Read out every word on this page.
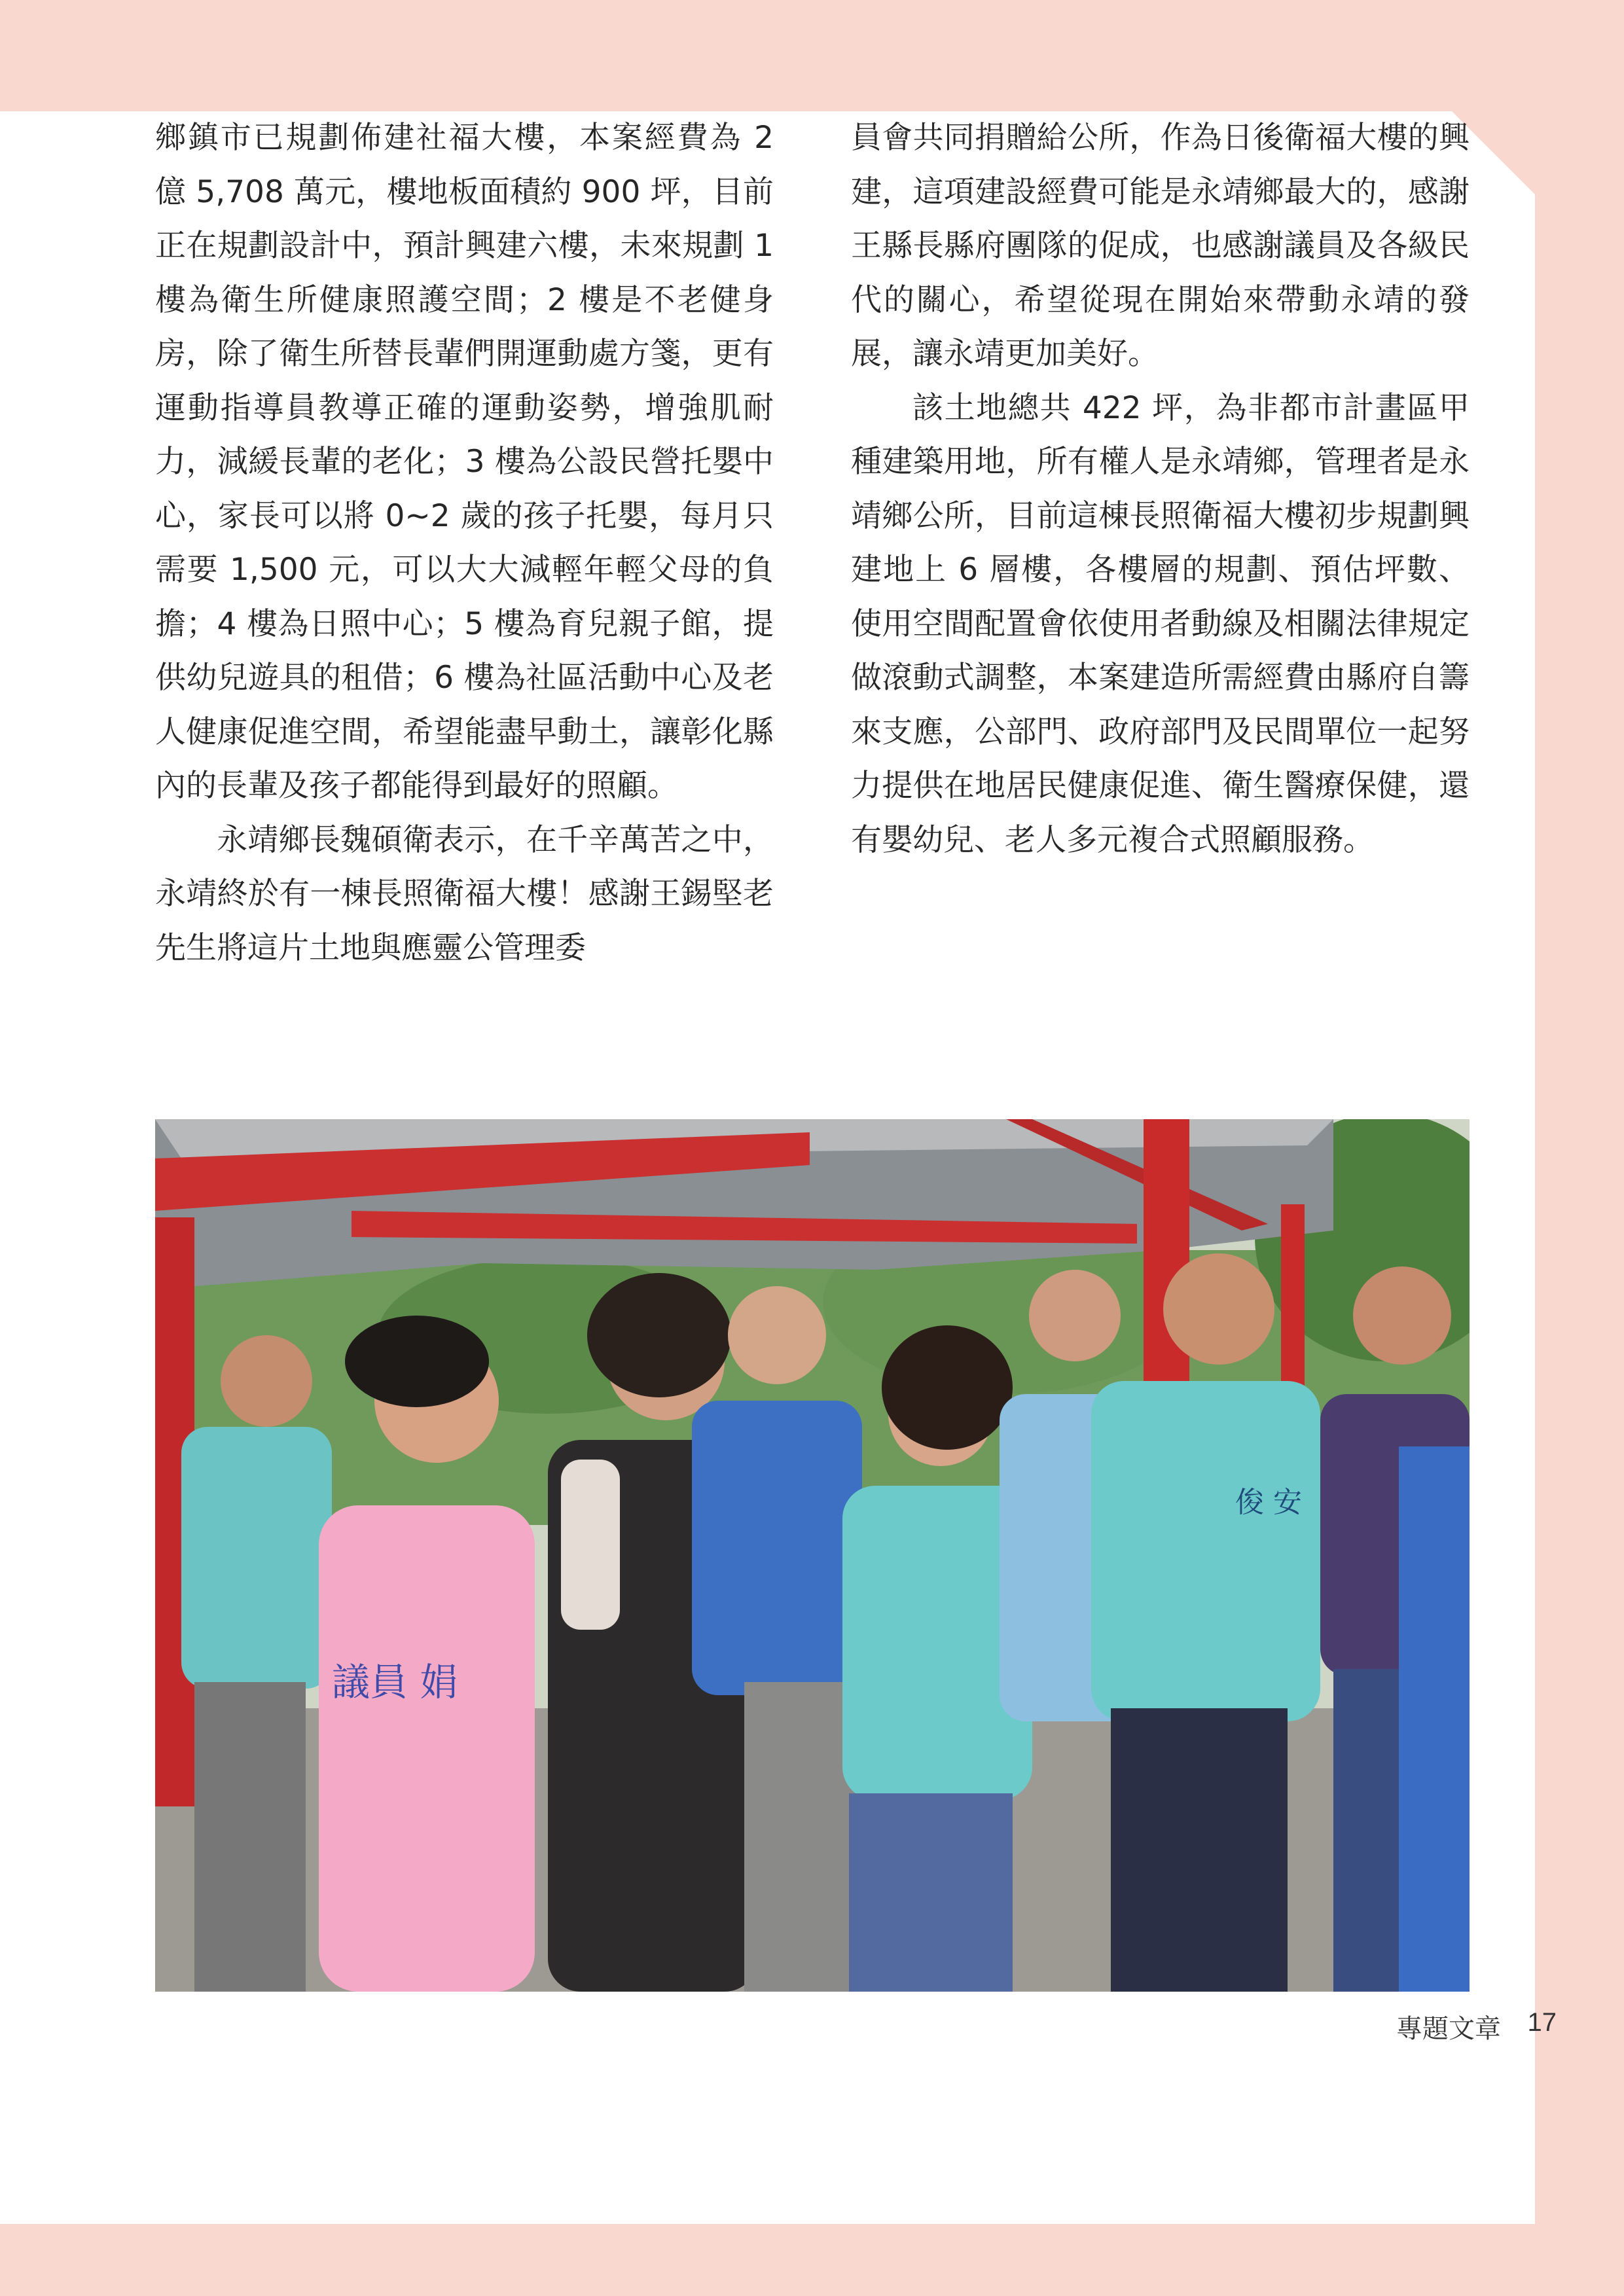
鄉鎮市已規劃佈建社福大樓，本案經費為 2 億 5,708 萬元，樓地板面積約 900 坪，目前正在規劃設計中，預計興建六樓，未來規劃 1 樓為衛生所健康照護空間；2 樓是不老健身房，除了衛生所替長輩們開運動處方箋，更有運動指導員教導正確的運動姿勢，增強肌耐力，減緩長輩的老化；3 樓為公設民營托嬰中心，家長可以將 0~2 歲的孩子托嬰，每月只需要 1,500 元，可以大大減輕年輕父母的負擔；4 樓為日照中心；5 樓為育兒親子館，提供幼兒遊具的租借；6 樓為社區活動中心及老人健康促進空間，希望能盡早動土，讓彰化縣內的長輩及孩子都能得到最好的照顧。

永靖鄉長魏碩衛表示，在千辛萬苦之中，永靖終於有一棟長照衛福大樓！感謝王錫堅老先生將這片土地與應靈公管理委

員會共同捐贈給公所，作為日後衛福大樓的興建，這項建設經費可能是永靖鄉最大的，感謝王縣長縣府團隊的促成，也感謝議員及各級民代的關心，希望從現在開始來帶動永靖的發展，讓永靖更加美好。

該土地總共 422 坪，為非都市計畫區甲種建築用地，所有權人是永靖鄉，管理者是永靖鄉公所，目前這棟長照衛福大樓初步規劃興建地上 6 層樓，各樓層的規劃、預估坪數、使用空間配置會依使用者動線及相關法律規定做滾動式調整，本案建造所需經費由縣府自籌來支應，公部門、政府部門及民間單位一起努力提供在地居民健康促進、衛生醫療保健，還有嬰幼兒、老人多元複合式照顧服務。

議員 娟
俊 安
專題文章 17
